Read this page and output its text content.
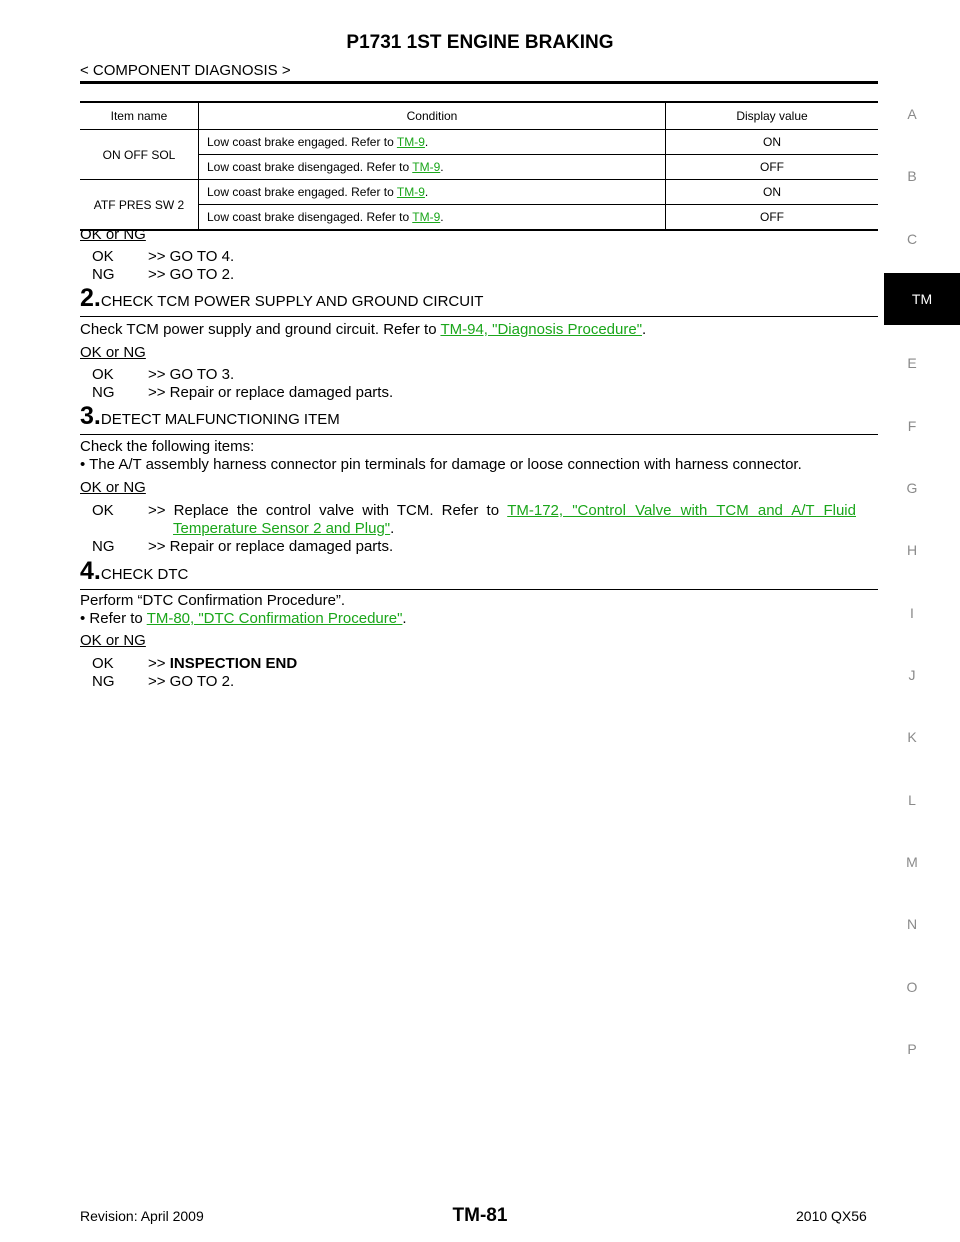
P1731 1ST ENGINE BRAKING
< COMPONENT DIAGNOSIS >
A
B
C
TM
E
F
G
H
I
J
K
L
M
N
O
P
Item name	Condition	Display value
ON OFF SOL	Low coast brake engaged. Refer to TM-9.	ON
	Low coast brake disengaged. Refer to TM-9.	OFF
ATF PRES SW 2	Low coast brake engaged. Refer to TM-9.	ON
	Low coast brake disengaged. Refer to TM-9.	OFF
OK or NG
OK >> GO TO 4.
NG >> GO TO 2.
2.CHECK TCM POWER SUPPLY AND GROUND CIRCUIT
Check TCM power supply and ground circuit. Refer to TM-94, "Diagnosis Procedure".
OK or NG
OK >> GO TO 3.
NG >> Repair or replace damaged parts.
3.DETECT MALFUNCTIONING ITEM
Check the following items:
• The A/T assembly harness connector pin terminals for damage or loose connection with harness connector.
OK or NG
OK >> Replace the control valve with TCM. Refer to TM-172, "Control Valve with TCM and A/T Fluid
Temperature Sensor 2 and Plug".
NG >> Repair or replace damaged parts.
4.CHECK DTC
Perform “DTC Confirmation Procedure”.
• Refer to TM-80, "DTC Confirmation Procedure".
OK or NG
OK >> INSPECTION END
NG >> GO TO 2.
Revision: April 2009	TM-81	2010 QX56
